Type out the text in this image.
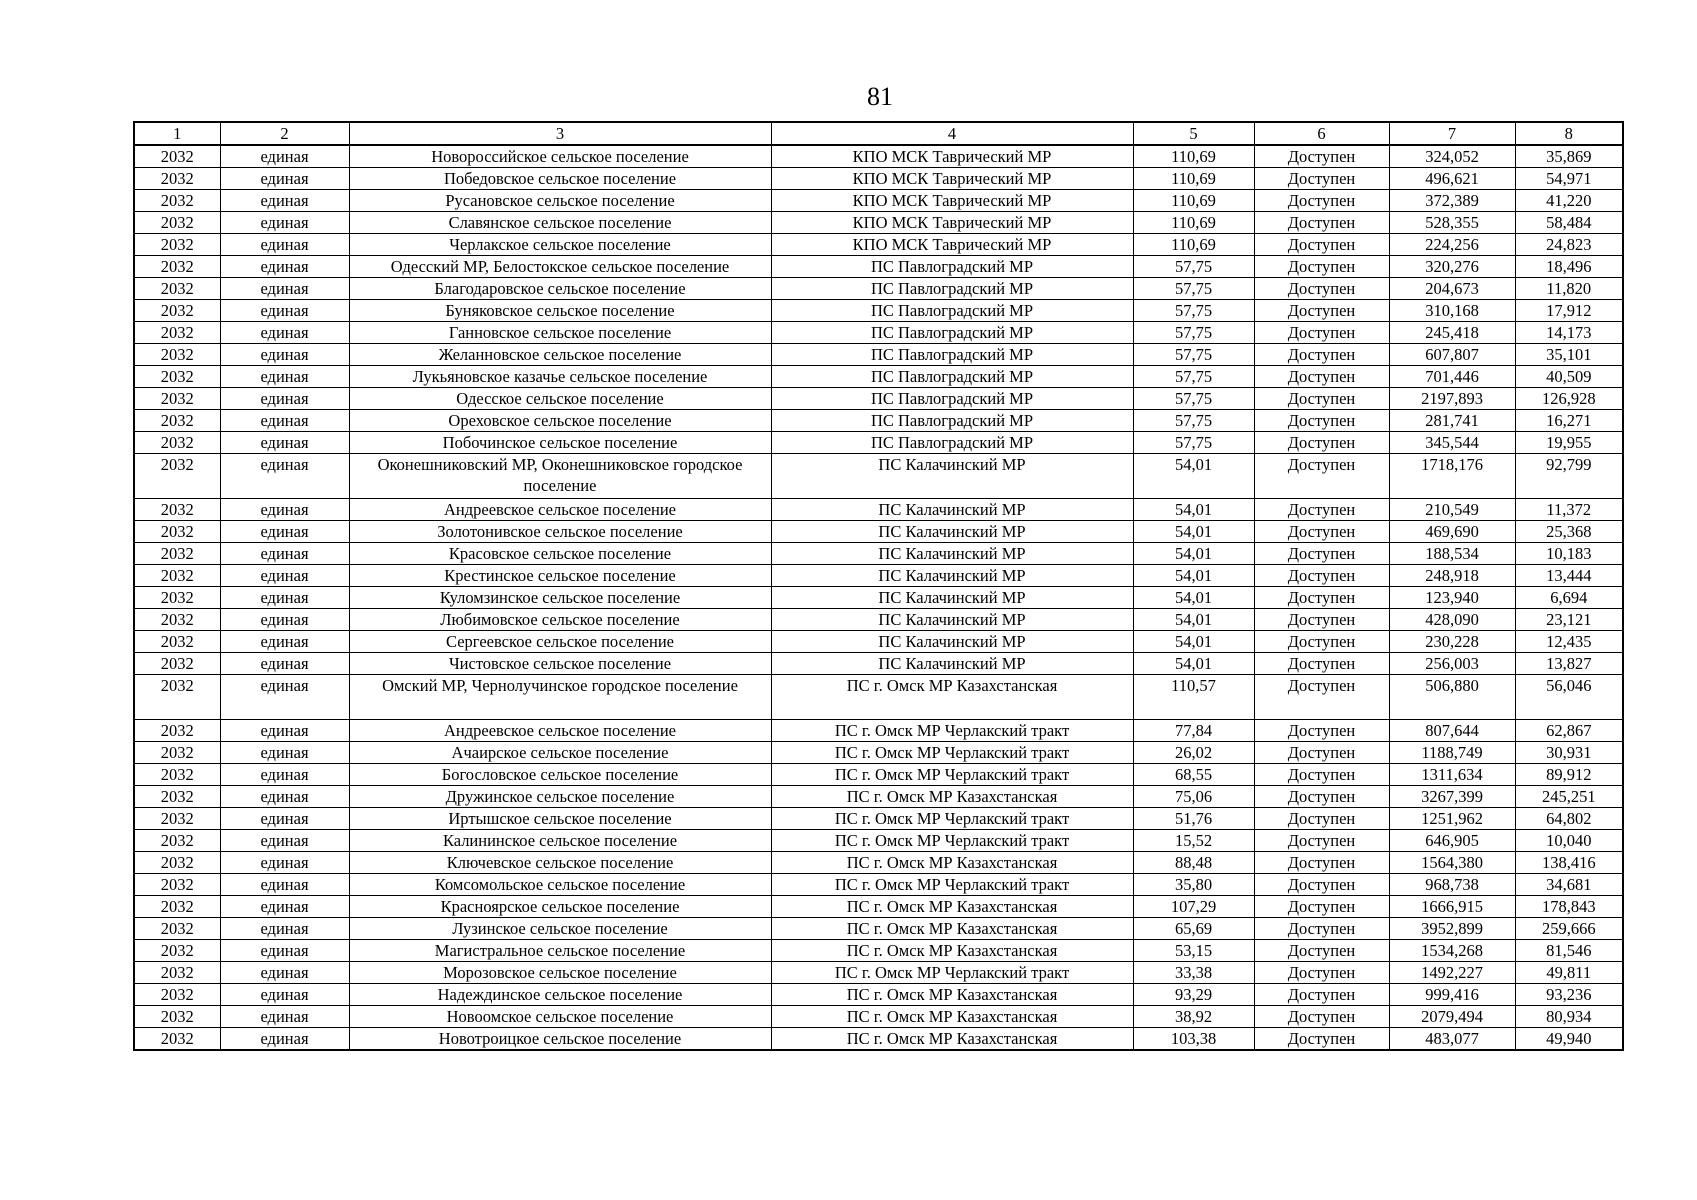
81
1	2	3	4	5	6	7	8
2032	единая	Новороссийское сельское поселение	КПО МСК Таврический МР	110,69	Доступен	324,052	35,869
2032	единая	Победовское сельское поселение	КПО МСК Таврический МР	110,69	Доступен	496,621	54,971
2032	единая	Русановское сельское поселение	КПО МСК Таврический МР	110,69	Доступен	372,389	41,220
2032	единая	Славянское сельское поселение	КПО МСК Таврический МР	110,69	Доступен	528,355	58,484
2032	единая	Черлакское сельское поселение	КПО МСК Таврический МР	110,69	Доступен	224,256	24,823
2032	единая	Одесский МР, Белостокское сельское поселение	ПС Павлоградский МР	57,75	Доступен	320,276	18,496
2032	единая	Благодаровское сельское поселение	ПС Павлоградский МР	57,75	Доступен	204,673	11,820
2032	единая	Буняковское сельское поселение	ПС Павлоградский МР	57,75	Доступен	310,168	17,912
2032	единая	Ганновское сельское поселение	ПС Павлоградский МР	57,75	Доступен	245,418	14,173
2032	единая	Желанновское сельское поселение	ПС Павлоградский МР	57,75	Доступен	607,807	35,101
2032	единая	Лукьяновское казачье сельское поселение	ПС Павлоградский МР	57,75	Доступен	701,446	40,509
2032	единая	Одесское сельское поселение	ПС Павлоградский МР	57,75	Доступен	2197,893	126,928
2032	единая	Ореховское сельское поселение	ПС Павлоградский МР	57,75	Доступен	281,741	16,271
2032	единая	Побочинское сельское поселение	ПС Павлоградский МР	57,75	Доступен	345,544	19,955
2032	единая	Оконешниковский МР, Оконешниковское городское поселение	ПС Калачинский МР	54,01	Доступен	1718,176	92,799
2032	единая	Андреевское сельское поселение	ПС Калачинский МР	54,01	Доступен	210,549	11,372
2032	единая	Золотонивское сельское поселение	ПС Калачинский МР	54,01	Доступен	469,690	25,368
2032	единая	Красовское сельское поселение	ПС Калачинский МР	54,01	Доступен	188,534	10,183
2032	единая	Крестинское сельское поселение	ПС Калачинский МР	54,01	Доступен	248,918	13,444
2032	единая	Куломзинское сельское поселение	ПС Калачинский МР	54,01	Доступен	123,940	6,694
2032	единая	Любимовское сельское поселение	ПС Калачинский МР	54,01	Доступен	428,090	23,121
2032	единая	Сергеевское сельское поселение	ПС Калачинский МР	54,01	Доступен	230,228	12,435
2032	единая	Чистовское сельское поселение	ПС Калачинский МР	54,01	Доступен	256,003	13,827
2032	единая	Омский МР, Чернолучинское городское поселение	ПС г. Омск МР Казахстанская	110,57	Доступен	506,880	56,046
2032	единая	Андреевское сельское поселение	ПС г. Омск МР Черлакский тракт	77,84	Доступен	807,644	62,867
2032	единая	Ачаирское сельское поселение	ПС г. Омск МР Черлакский тракт	26,02	Доступен	1188,749	30,931
2032	единая	Богословское сельское поселение	ПС г. Омск МР Черлакский тракт	68,55	Доступен	1311,634	89,912
2032	единая	Дружинское сельское поселение	ПС г. Омск МР Казахстанская	75,06	Доступен	3267,399	245,251
2032	единая	Иртышское сельское поселение	ПС г. Омск МР Черлакский тракт	51,76	Доступен	1251,962	64,802
2032	единая	Калининское сельское поселение	ПС г. Омск МР Черлакский тракт	15,52	Доступен	646,905	10,040
2032	единая	Ключевское сельское поселение	ПС г. Омск МР Казахстанская	88,48	Доступен	1564,380	138,416
2032	единая	Комсомольское сельское поселение	ПС г. Омск МР Черлакский тракт	35,80	Доступен	968,738	34,681
2032	единая	Красноярское сельское поселение	ПС г. Омск МР Казахстанская	107,29	Доступен	1666,915	178,843
2032	единая	Лузинское сельское поселение	ПС г. Омск МР Казахстанская	65,69	Доступен	3952,899	259,666
2032	единая	Магистральное сельское поселение	ПС г. Омск МР Казахстанская	53,15	Доступен	1534,268	81,546
2032	единая	Морозовское сельское поселение	ПС г. Омск МР Черлакский тракт	33,38	Доступен	1492,227	49,811
2032	единая	Надеждинское сельское поселение	ПС г. Омск МР Казахстанская	93,29	Доступен	999,416	93,236
2032	единая	Новоомское сельское поселение	ПС г. Омск МР Казахстанская	38,92	Доступен	2079,494	80,934
2032	единая	Новотроицкое сельское поселение	ПС г. Омск МР Казахстанская	103,38	Доступен	483,077	49,940
